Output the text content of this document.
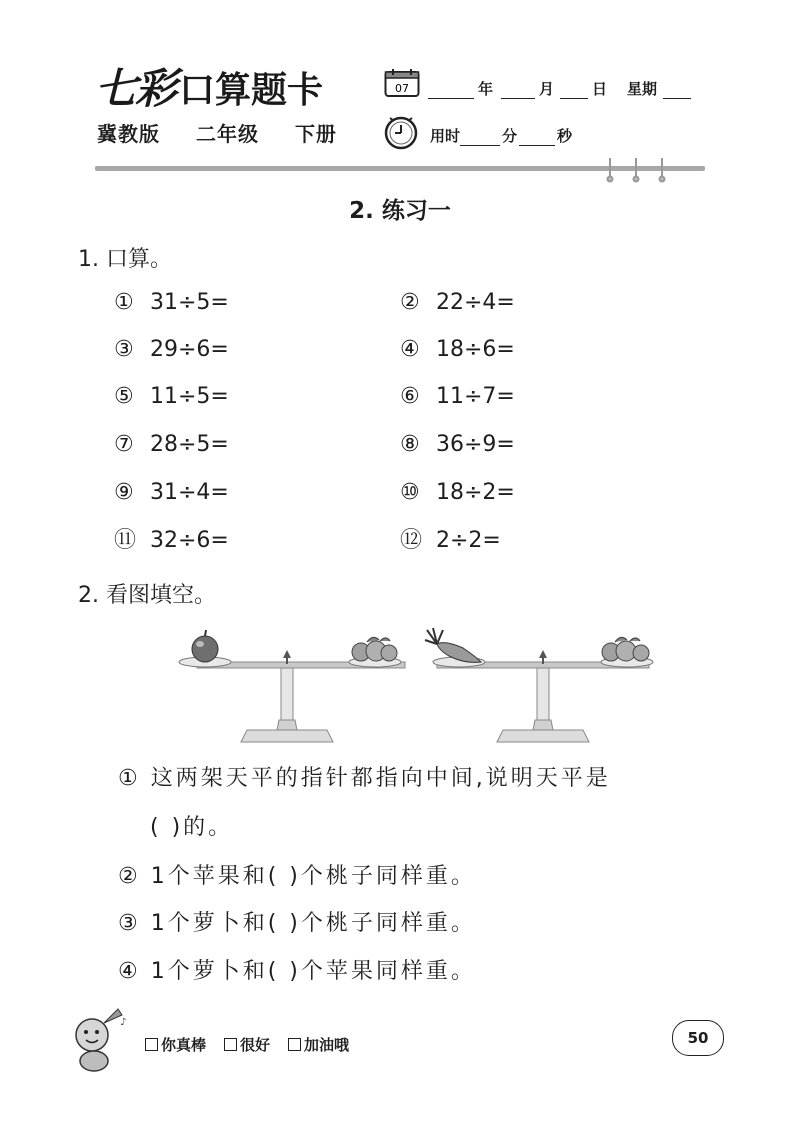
七彩 口算题卡
冀教版 二年级 下册
07	年	月	日 星期
用时	分	秒
2. 练习一
1. 口算。
① 31÷5=	② 22÷4=
③ 29÷6=	④ 18÷6=
⑤ 11÷5=	⑥ 11÷7=
⑦ 28÷5=	⑧ 36÷9=
⑨ 31÷4=	⑩ 18÷2=
⑪ 32÷6=	⑫ 2÷2=
2. 看图填空。
① 这两架天平的指针都指向中间,说明天平是
( )的。
② 1个苹果和( )个桃子同样重。
③ 1个萝卜和( )个桃子同样重。
④ 1个萝卜和( )个苹果同样重。
♪
你真棒 很好 加油哦	50
